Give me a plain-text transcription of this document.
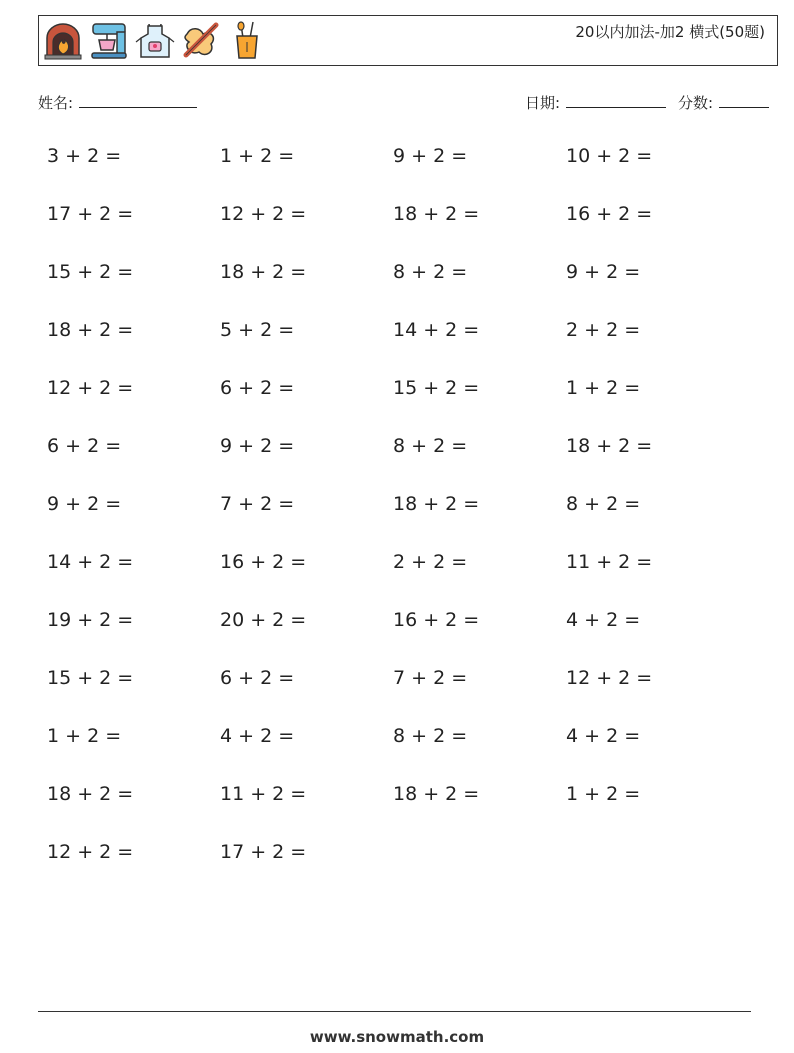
20以内加法-加2 横式(50题)
姓名:	日期:	分数:
3 + 2 =	1 + 2 =	9 + 2 =	10 + 2 =
17 + 2 =	12 + 2 =	18 + 2 =	16 + 2 =
15 + 2 =	18 + 2 =	8 + 2 =	9 + 2 =
18 + 2 =	5 + 2 =	14 + 2 =	2 + 2 =
12 + 2 =	6 + 2 =	15 + 2 =	1 + 2 =
6 + 2 =	9 + 2 =	8 + 2 =	18 + 2 =
9 + 2 =	7 + 2 =	18 + 2 =	8 + 2 =
14 + 2 =	16 + 2 =	2 + 2 =	11 + 2 =
19 + 2 =	20 + 2 =	16 + 2 =	4 + 2 =
15 + 2 =	6 + 2 =	7 + 2 =	12 + 2 =
1 + 2 =	4 + 2 =	8 + 2 =	4 + 2 =
18 + 2 =	11 + 2 =	18 + 2 =	1 + 2 =
12 + 2 =	17 + 2 =
www.snowmath.com
